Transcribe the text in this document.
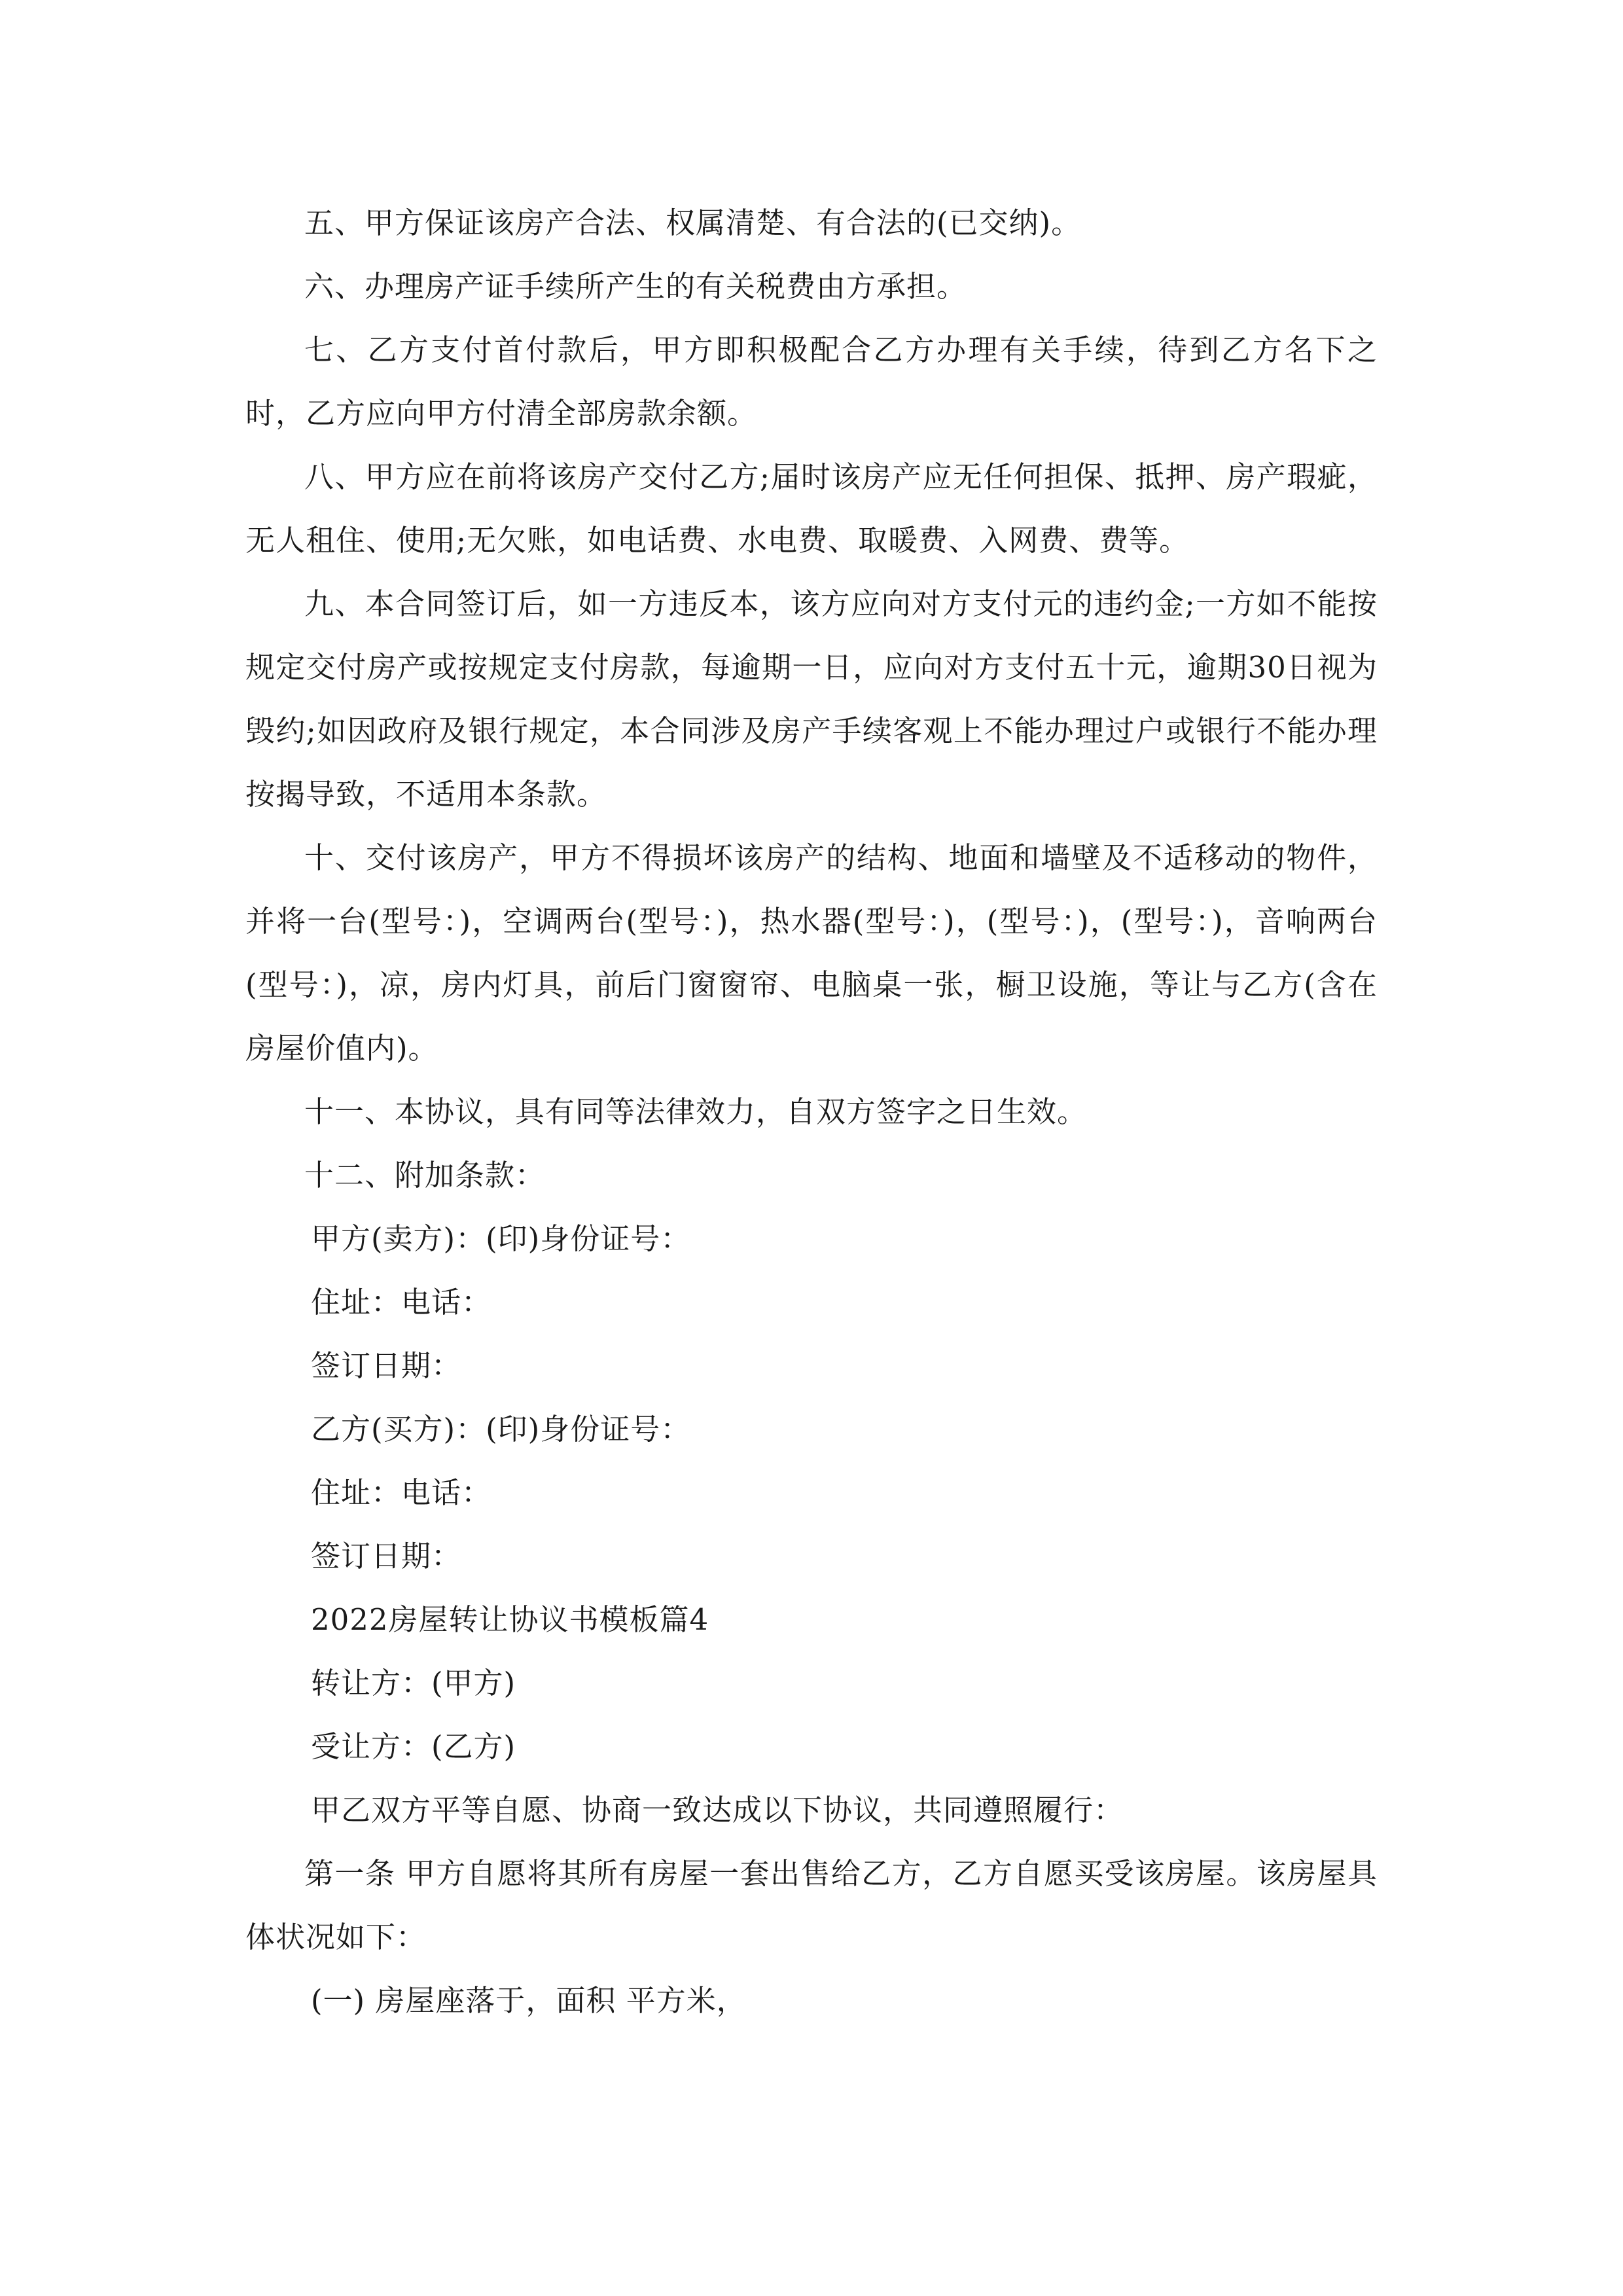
五、甲方保证该房产合法、权属清楚、有合法的(已交纳)。

六、办理房产证手续所产生的有关税费由方承担。

七、乙方支付首付款后，甲方即积极配合乙方办理有关手续，待到乙方名下之时，乙方应向甲方付清全部房款余额。

八、甲方应在前将该房产交付乙方;届时该房产应无任何担保、抵押、房产瑕疵，无人租住、使用;无欠账，如电话费、水电费、取暖费、入网费、费等。

九、本合同签订后，如一方违反本，该方应向对方支付元的违约金;一方如不能按规定交付房产或按规定支付房款，每逾期一日，应向对方支付五十元，逾期30日视为毁约;如因政府及银行规定，本合同涉及房产手续客观上不能办理过户或银行不能办理按揭导致，不适用本条款。

十、交付该房产，甲方不得损坏该房产的结构、地面和墙壁及不适移动的物件，并将一台(型号：)，空调两台(型号：)，热水器(型号：)，(型号：)，(型号：)，音响两台(型号：)，凉，房内灯具，前后门窗窗帘、电脑桌一张，橱卫设施，等让与乙方(含在房屋价值内)。

十一、本协议，具有同等法律效力，自双方签字之日生效。

十二、附加条款：

甲方(卖方)：(印)身份证号：

住址：电话：

签订日期：

乙方(买方)：(印)身份证号：

住址：电话：

签订日期：

2022房屋转让协议书模板篇4

转让方：(甲方)

受让方：(乙方)

甲乙双方平等自愿、协商一致达成以下协议，共同遵照履行：

第一条 甲方自愿将其所有房屋一套出售给乙方，乙方自愿买受该房屋。该房屋具体状况如下：

(一) 房屋座落于，面积 平方米，
